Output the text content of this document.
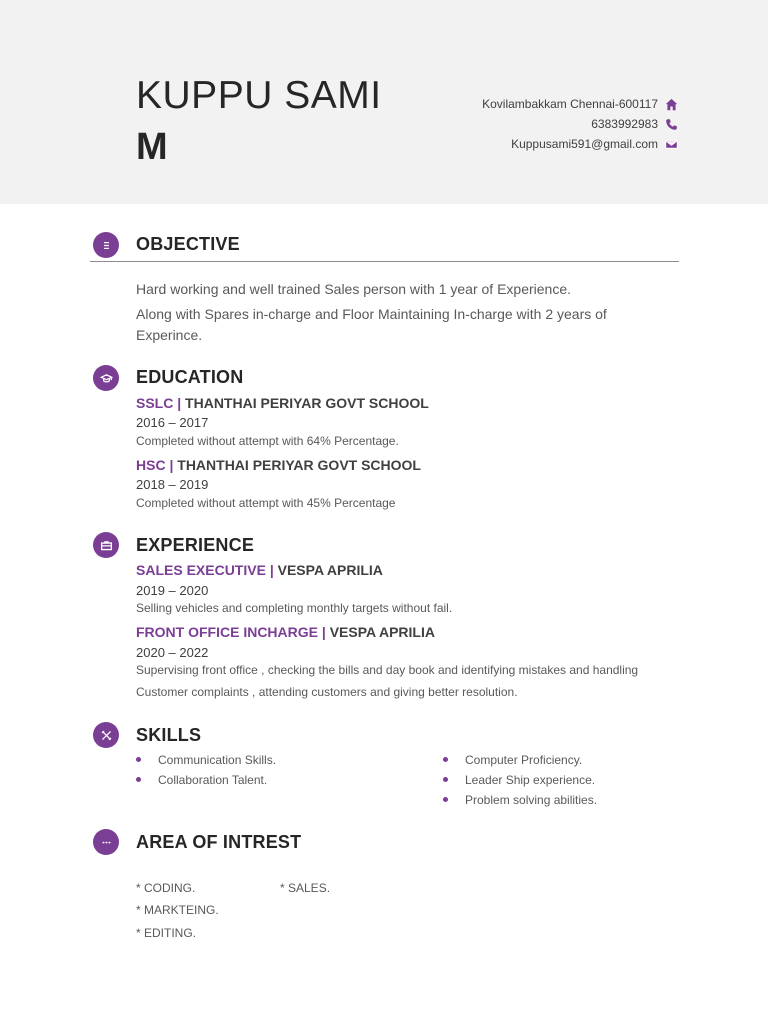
KUPPU SAMI
M
Kovilambakkam Chennai-600117
6383992983
Kuppusami591@gmail.com
OBJECTIVE
Hard working and well trained Sales person with 1 year of Experience.
Along with Spares in-charge and Floor Maintaining In-charge with 2 years of Experince.
EDUCATION
SSLC | THANTHAI PERIYAR GOVT SCHOOL
2016 – 2017
Completed without attempt with 64% Percentage.
HSC | THANTHAI PERIYAR GOVT SCHOOL
2018 – 2019
Completed without attempt with 45% Percentage
EXPERIENCE
SALES EXECUTIVE | VESPA APRILIA
2019 – 2020
Selling vehicles and completing monthly targets without fail.
FRONT OFFICE INCHARGE | VESPA APRILIA
2020 – 2022
Supervising front office , checking the bills and day book and identifying mistakes and handling Customer complaints , attending customers and giving better resolution.
SKILLS
Communication Skills.
Collaboration Talent.
Computer Proficiency.
Leader Ship experience.
Problem solving abilities.
AREA OF INTREST
* CODING.	* SALES.
* MARKTEING.
* EDITING.
